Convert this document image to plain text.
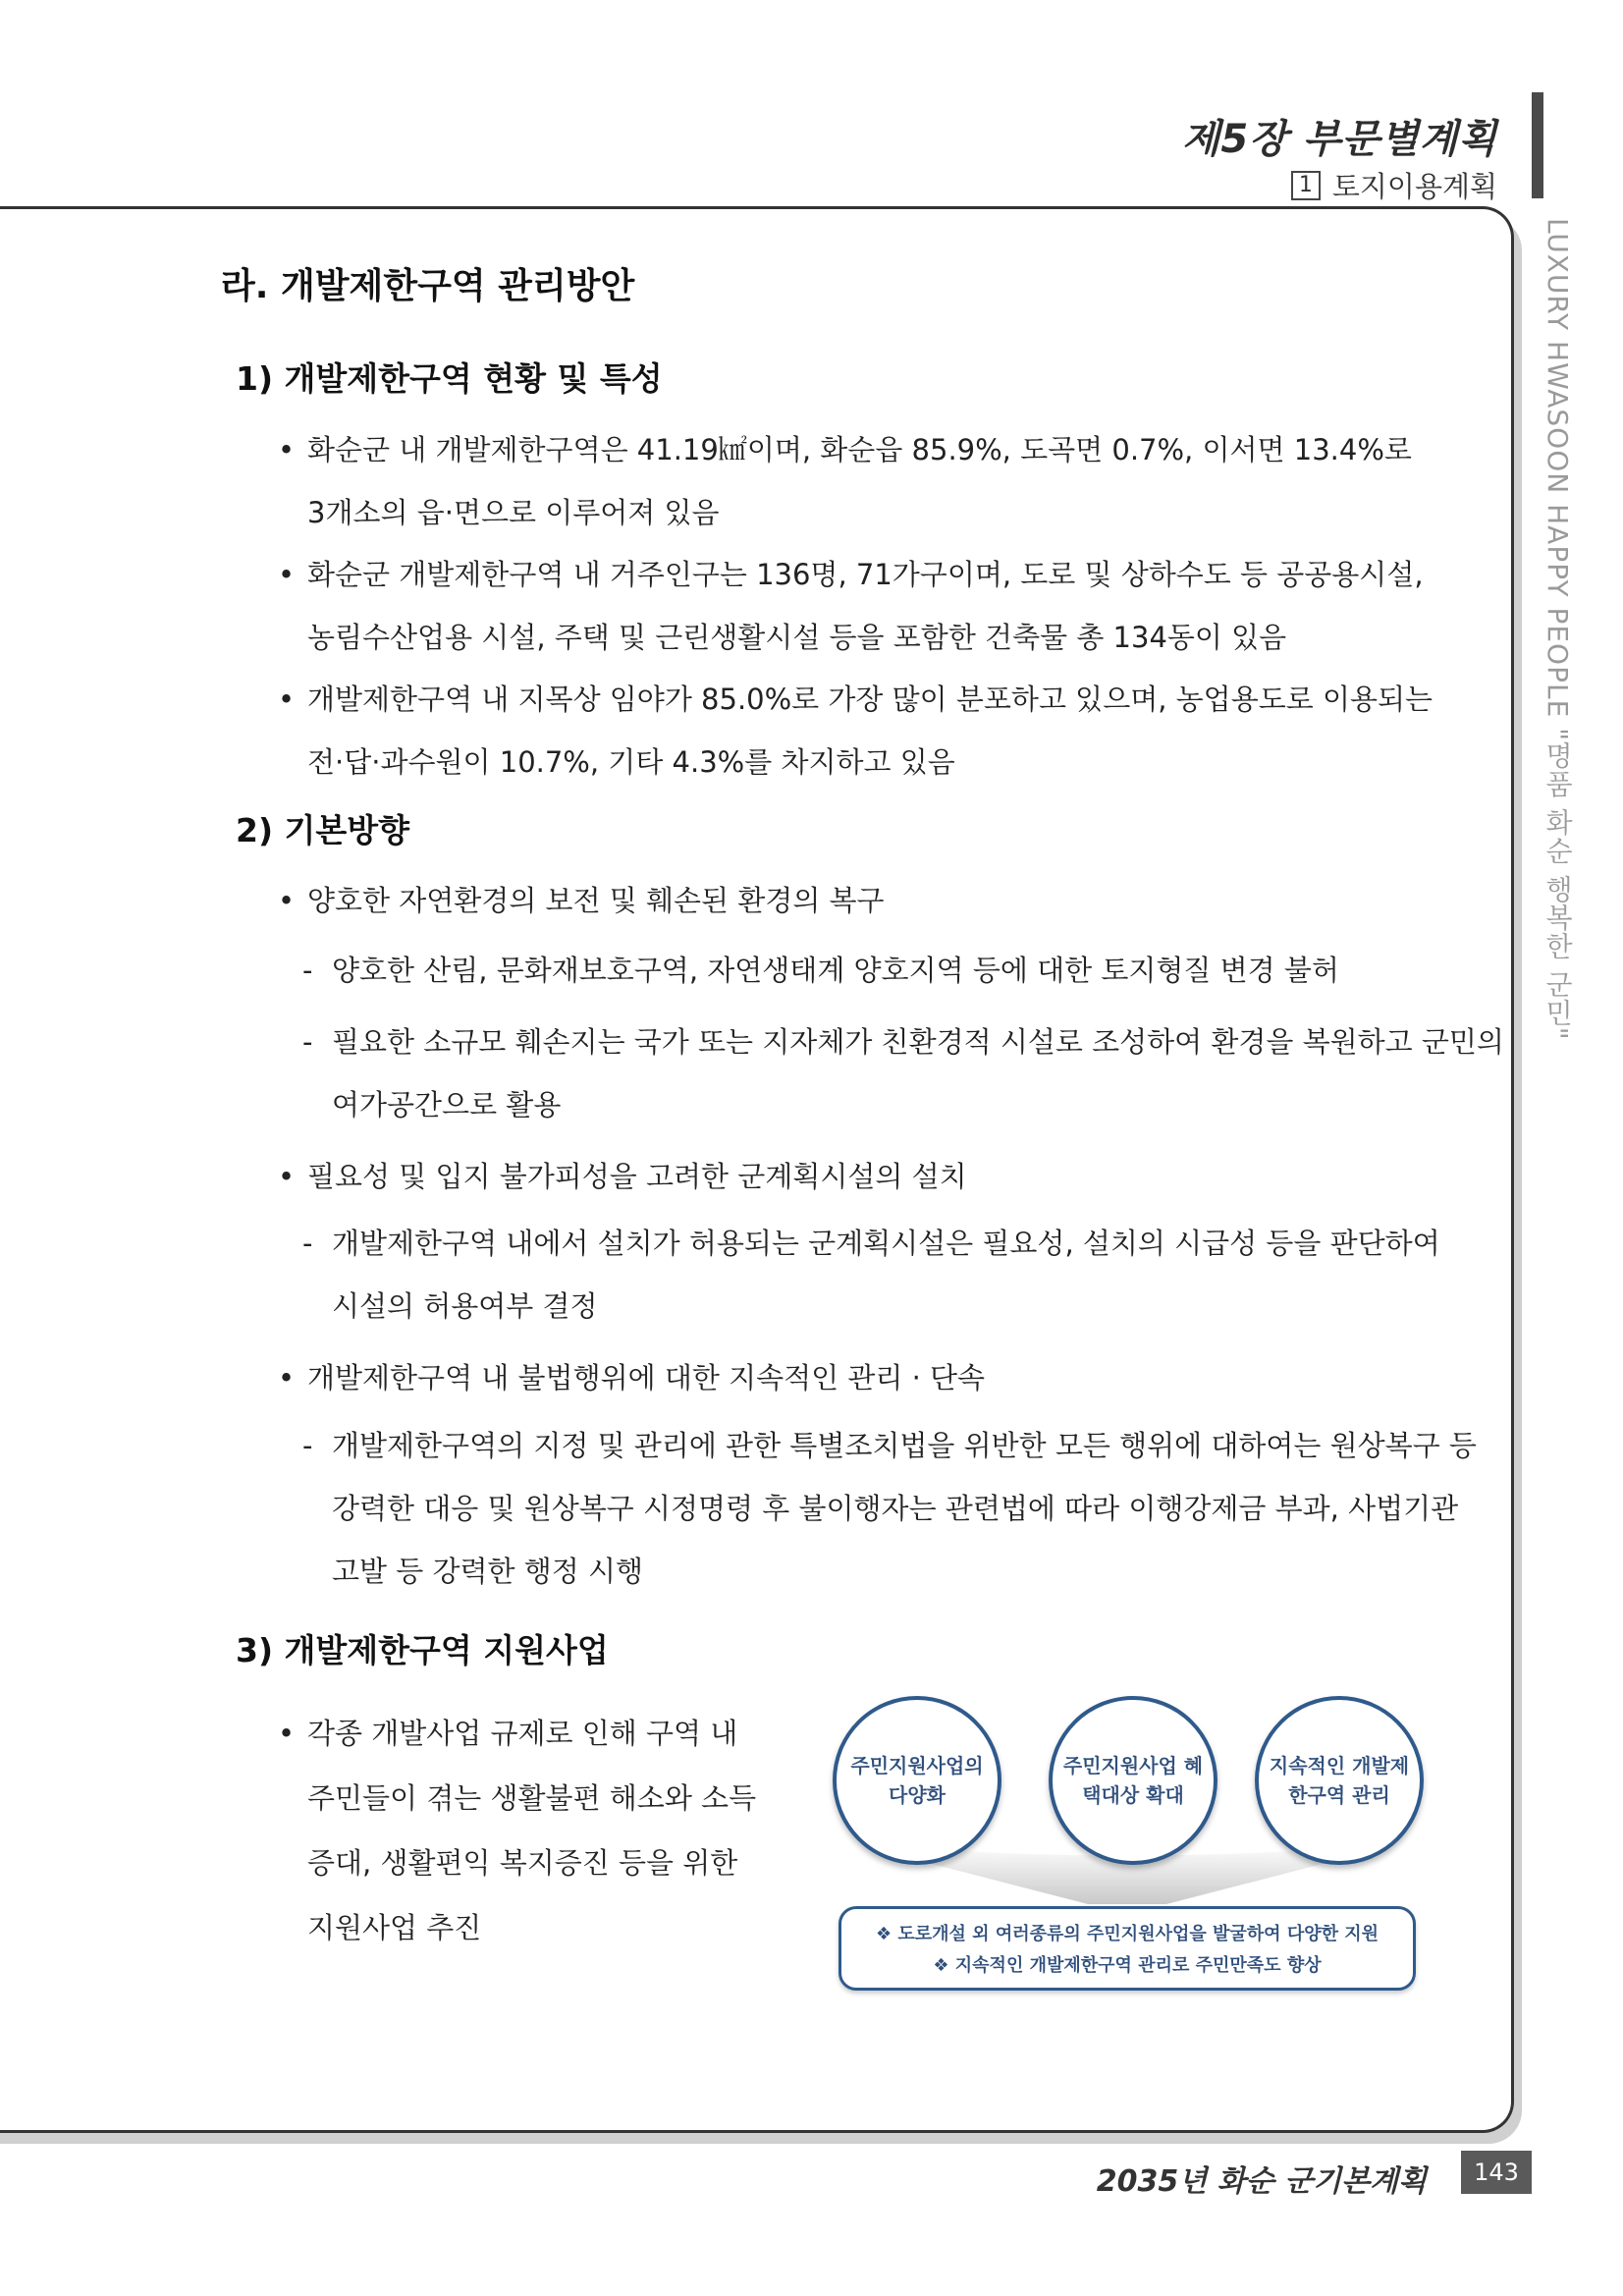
제5장 부문별계획
1 토지이용계획
LUXURY HWASOON HAPPY PEOPLE "명품 화순 행복한 군민"
라. 개발제한구역 관리방안
1) 개발제한구역 현황 및 특성
• 화순군 내 개발제한구역은 41.19㎢이며, 화순읍 85.9%, 도곡면 0.7%, 이서면 13.4%로
3개소의 읍·면으로 이루어져 있음
• 화순군 개발제한구역 내 거주인구는 136명, 71가구이며, 도로 및 상하수도 등 공공용시설,
농림수산업용 시설, 주택 및 근린생활시설 등을 포함한 건축물 총 134동이 있음
• 개발제한구역 내 지목상 임야가 85.0%로 가장 많이 분포하고 있으며, 농업용도로 이용되는
전·답·과수원이 10.7%, 기타 4.3%를 차지하고 있음
2) 기본방향
• 양호한 자연환경의 보전 및 훼손된 환경의 복구
- 양호한 산림, 문화재보호구역, 자연생태계 양호지역 등에 대한 토지형질 변경 불허
- 필요한 소규모 훼손지는 국가 또는 지자체가 친환경적 시설로 조성하여 환경을 복원하고 군민의
여가공간으로 활용
• 필요성 및 입지 불가피성을 고려한 군계획시설의 설치
- 개발제한구역 내에서 설치가 허용되는 군계획시설은 필요성, 설치의 시급성 등을 판단하여
시설의 허용여부 결정
• 개발제한구역 내 불법행위에 대한 지속적인 관리 · 단속
- 개발제한구역의 지정 및 관리에 관한 특별조치법을 위반한 모든 행위에 대하여는 원상복구 등
강력한 대응 및 원상복구 시정명령 후 불이행자는 관련법에 따라 이행강제금 부과, 사법기관
고발 등 강력한 행정 시행
3) 개발제한구역 지원사업
• 각종 개발사업 규제로 인해 구역 내
주민들이 겪는 생활불편 해소와 소득
증대, 생활편익 복지증진 등을 위한
지원사업 추진
주민지원사업의 다양화
주민지원사업 혜택대상 확대
지속적인 개발제한구역 관리
❖ 도로개설 외 여러종류의 주민지원사업을 발굴하여 다양한 지원
❖ 지속적인 개발제한구역 관리로 주민만족도 향상
2035년 화순 군기본계획	143
